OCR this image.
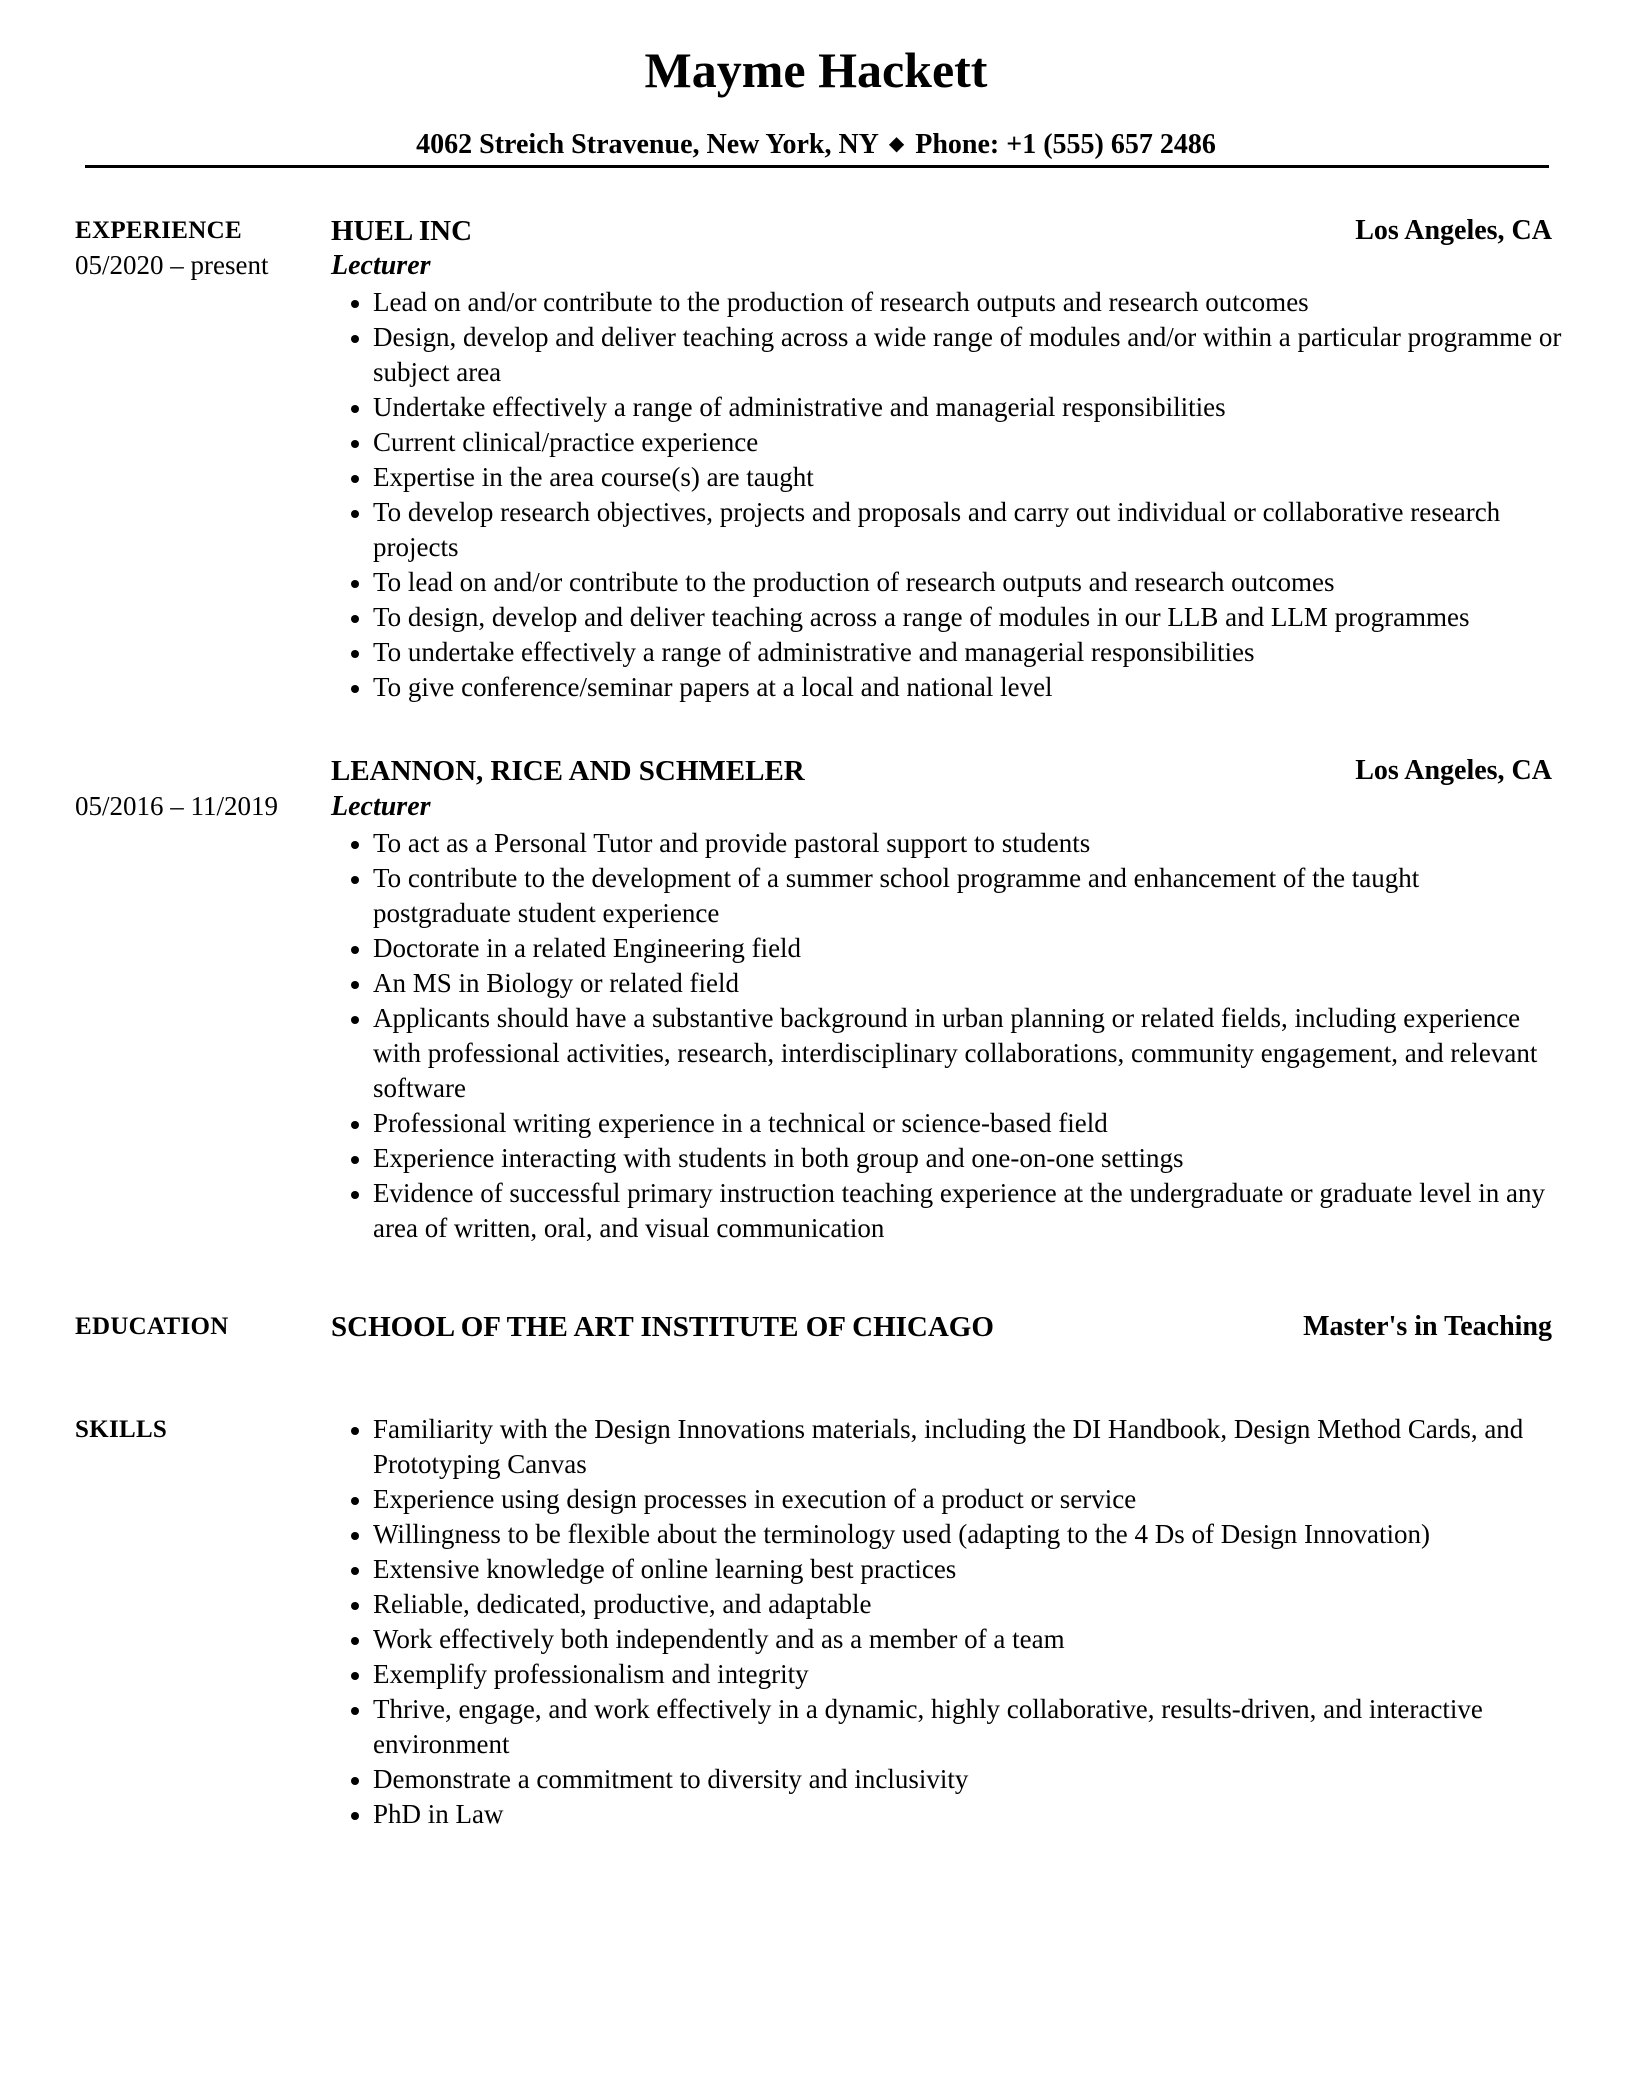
Mayme Hackett
4062 Streich Stravenue, New York, NY ◆ Phone: +1 (555) 657 2486
EXPERIENCE
05/2020 – present
HUEL INC	Los Angeles, CA
Lecturer
Lead on and/or contribute to the production of research outputs and research outcomes
Design, develop and deliver teaching across a wide range of modules and/or within a particular programme or subject area
Undertake effectively a range of administrative and managerial responsibilities
Current clinical/practice experience
Expertise in the area course(s) are taught
To develop research objectives, projects and proposals and carry out individual or collaborative research projects
To lead on and/or contribute to the production of research outputs and research outcomes
To design, develop and deliver teaching across a range of modules in our LLB and LLM programmes
To undertake effectively a range of administrative and managerial responsibilities
To give conference/seminar papers at a local and national level
05/2016 – 11/2019
LEANNON, RICE AND SCHMELER	Los Angeles, CA
Lecturer
To act as a Personal Tutor and provide pastoral support to students
To contribute to the development of a summer school programme and enhancement of the taught postgraduate student experience
Doctorate in a related Engineering field
An MS in Biology or related field
Applicants should have a substantive background in urban planning or related fields, including experience with professional activities, research, interdisciplinary collaborations, community engagement, and relevant software
Professional writing experience in a technical or science-based field
Experience interacting with students in both group and one-on-one settings
Evidence of successful primary instruction teaching experience at the undergraduate or graduate level in any area of written, oral, and visual communication
EDUCATION	SCHOOL OF THE ART INSTITUTE OF CHICAGO	Master's in Teaching
SKILLS	Familiarity with the Design Innovations materials, including the DI Handbook, Design Method Cards, and Prototyping Canvas
Experience using design processes in execution of a product or service
Willingness to be flexible about the terminology used (adapting to the 4 Ds of Design Innovation)
Extensive knowledge of online learning best practices
Reliable, dedicated, productive, and adaptable
Work effectively both independently and as a member of a team
Exemplify professionalism and integrity
Thrive, engage, and work effectively in a dynamic, highly collaborative, results-driven, and interactive environment
Demonstrate a commitment to diversity and inclusivity
PhD in Law
